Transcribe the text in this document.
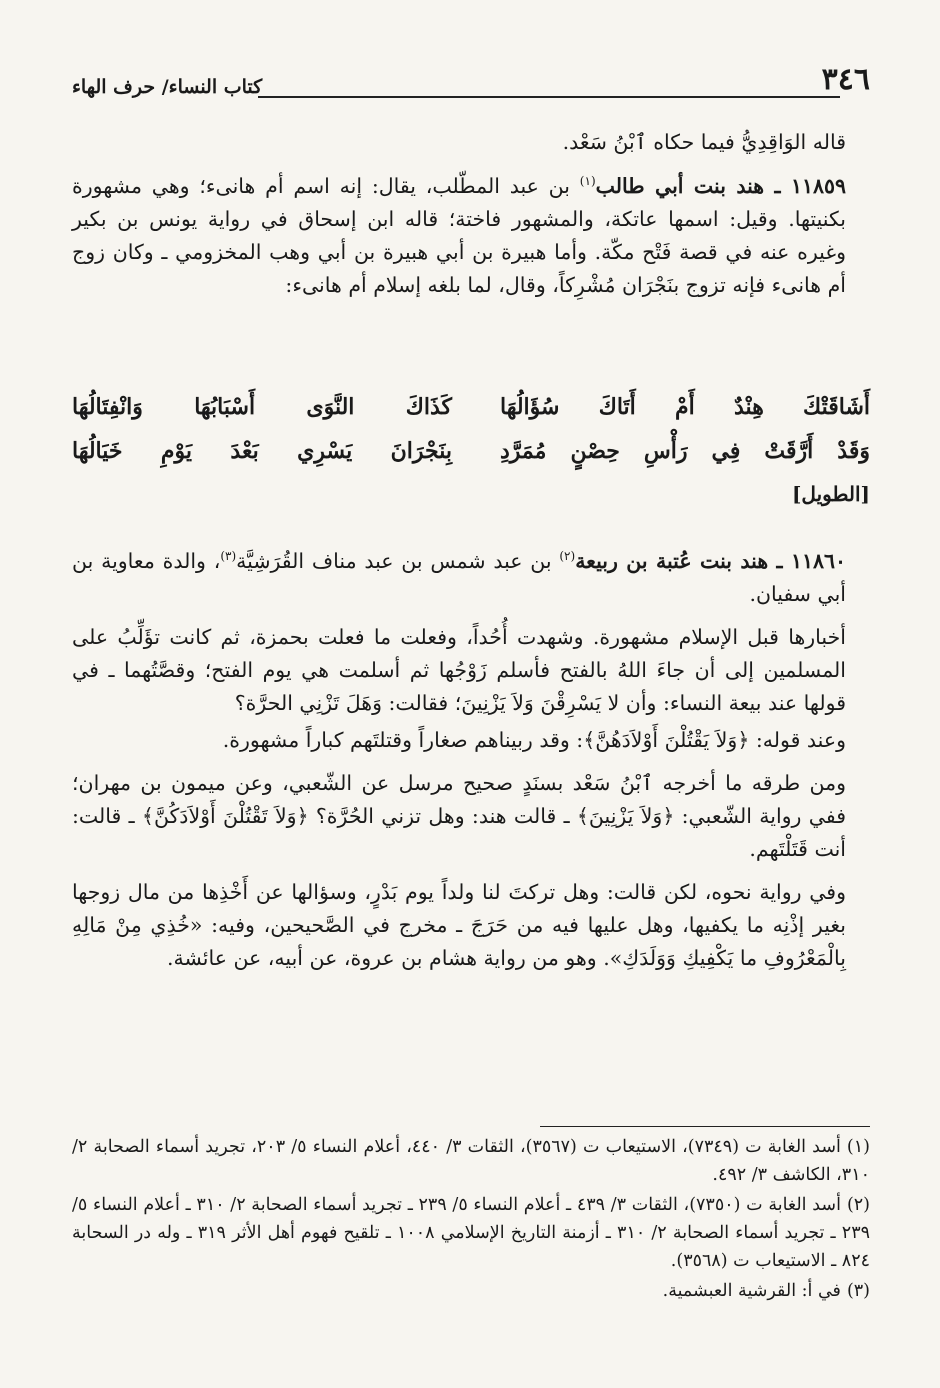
كتاب النساء/ حرف الهاء	٣٤٦

قاله الوَاقِدِيُّ فيما حكاه ٱبْنُ سَعْد.

١١٨٥٩ ـ هند بنت أبي طالب$^{(١)}$ بن عبد المطّلب، يقال: إنه اسم أم هانىء؛ وهي مشهورة بكنيتها. وقيل: اسمها عاتكة، والمشهور فاختة؛ قاله ابن إسحاق في رواية يونس بن بكير وغيره عنه في قصة فَتْح مكّة. وأما هبيرة بن أبي هبيرة بن أبي وهب المخزومي ـ وكان زوج أم هانىء فإنه تزوج بنَجْرَان مُشْرِكاً، وقال، لما بلغه إسلام أم هانىء:

أَشَاقَتْكَ هِنْدٌ أَمْ أَتَاكَ سُؤَالُهَا
كَذَاكَ النَّوَى أَسْبَابُهَا وَانْفِتَالُهَا
وَقَدْ أَرَّقَتْ فِي رَأْسِ حِصْنٍ مُمَرَّدِ
بِنَجْرَانَ يَسْرِي بَعْدَ يَوْمِ خَيَالُهَا
[الطويل]

١١٨٦٠ ـ هند بنت عُتبة بن ربيعة$^{(٢)}$ بن عبد شمس بن عبد مناف القُرَشِيَّة$^{(٣)}$، والدة معاوية بن أبي سفيان.

أخبارها قبل الإسلام مشهورة. وشهدت أُحُداً، وفعلت ما فعلت بحمزة، ثم كانت تؤَلِّبُ على المسلمين إلى أن جاءَ اللهُ بالفتح فأسلم زَوْجُها ثم أسلمت هي يوم الفتح؛ وقصَّتُهما ـ في قولها عند بيعة النساء: وأن لا يَسْرِقْنَ وَلاَ يَزْنِينَ؛ فقالت: وَهَلَ تَزْنِي الحرَّة؟

وعند قوله: ﴿وَلاَ يَقْتُلْنَ أَوْلاَدَهُنَّ﴾: وقد ربيناهم صغاراً وقتلتَهم كباراً مشهورة.

ومن طرقه ما أخرجه ٱبْنُ سَعْد بسنَدٍ صحيح مرسل عن الشّعبي، وعن ميمون بن مهران؛ ففي رواية الشّعبي: ﴿وَلاَ يَزْنِينَ﴾ ـ قالت هند: وهل تزني الحُرَّة؟ ﴿وَلاَ تَقْتُلْنَ أَوْلاَدَكُنَّ﴾ ـ قالت: أنت قَتَلْتَهم.

وفي رواية نحوه، لكن قالت: وهل تركتَ لنا ولداً يوم بَدْرٍ، وسؤالها عن أَخْذِها من مال زوجها بغير إذْنِه ما يكفيها، وهل عليها فيه من حَرَجَ ـ مخرج في الصَّحيحين، وفيه: «خُذِي مِنْ مَالِهِ بِالْمَعْرُوفِ ما يَكْفِيكِ وَوَلَدَكِ». وهو من رواية هشام بن عروة، عن أبيه، عن عائشة.

(١)أسد الغابة ت (٧٣٤٩)، الاستيعاب ت (٣٥٦٧)، الثقات ٣/ ٤٤٠، أعلام النساء ٥/ ٢٠٣، تجريد أسماء الصحابة ٢/ ٣١٠، الكاشف ٣/ ٤٩٢.

(٢)أسد الغابة ت (٧٣٥٠)، الثقات ٣/ ٤٣٩ ـ أعلام النساء ٥/ ٢٣٩ ـ تجريد أسماء الصحابة ٢/ ٣١٠ ـ أعلام النساء ٥/ ٢٣٩ ـ تجريد أسماء الصحابة ٢/ ٣١٠ ـ أزمنة التاريخ الإسلامي ١٠٠٨ ـ تلقيح فهوم أهل الأثر ٣١٩ ـ وله در السحابة ٨٢٤ ـ الاستيعاب ت (٣٥٦٨).

(٣)في أ: القرشية العبشمية.
